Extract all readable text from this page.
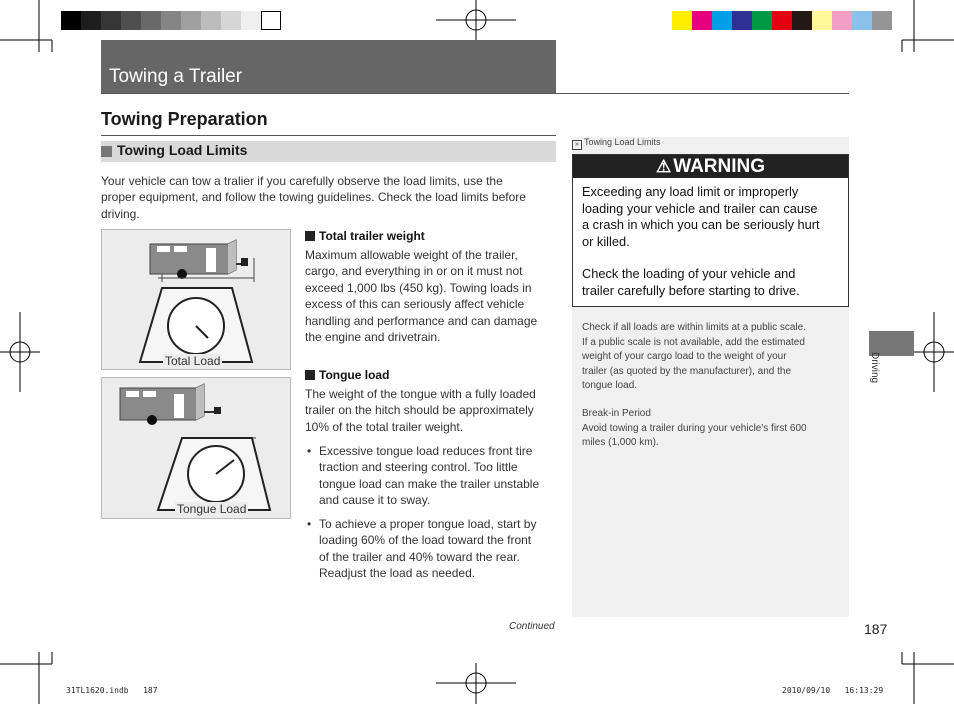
Towing a Trailer
Towing Preparation
Towing Load Limits
Your vehicle can tow a tralier if you carefully observe the load limits, use the
proper equipment, and follow the towing guidelines. Check the load limits before
driving.
Total Load
Tongue Load
Total trailer weight
Maximum allowable weight of the trailer,
cargo, and everything in or on it must not
exceed 1,000 lbs (450 kg). Towing loads in
excess of this can seriously affect vehicle
handling and performance and can damage
the engine and drivetrain.
Tongue load
The weight of the tongue with a fully loaded
trailer on the hitch should be approximately
10% of the total trailer weight.
• Excessive tongue load reduces front tire
traction and steering control. Too little
tongue load can make the trailer unstable
and cause it to sway.
• To achieve a proper tongue load, start by
loading 60% of the load toward the front
of the trailer and 40% toward the rear.
Readjust the load as needed.
» Towing Load Limits
⚠ WARNING
Exceeding any load limit or improperly
loading your vehicle and trailer can cause
a crash in which you can be seriously hurt
or killed.
Check the loading of your vehicle and
trailer carefully before starting to drive.
Check if all loads are within limits at a public scale.
If a public scale is not available, add the estimated
weight of your cargo load to the weight of your
trailer (as quoted by the manufacturer), and the
tongue load.
Break-in Period
Avoid towing a trailer during your vehicle's first 600
miles (1,000 km).
Driving
Continued	187
31TL1620.indb   187	2010/09/10   16:13:29
